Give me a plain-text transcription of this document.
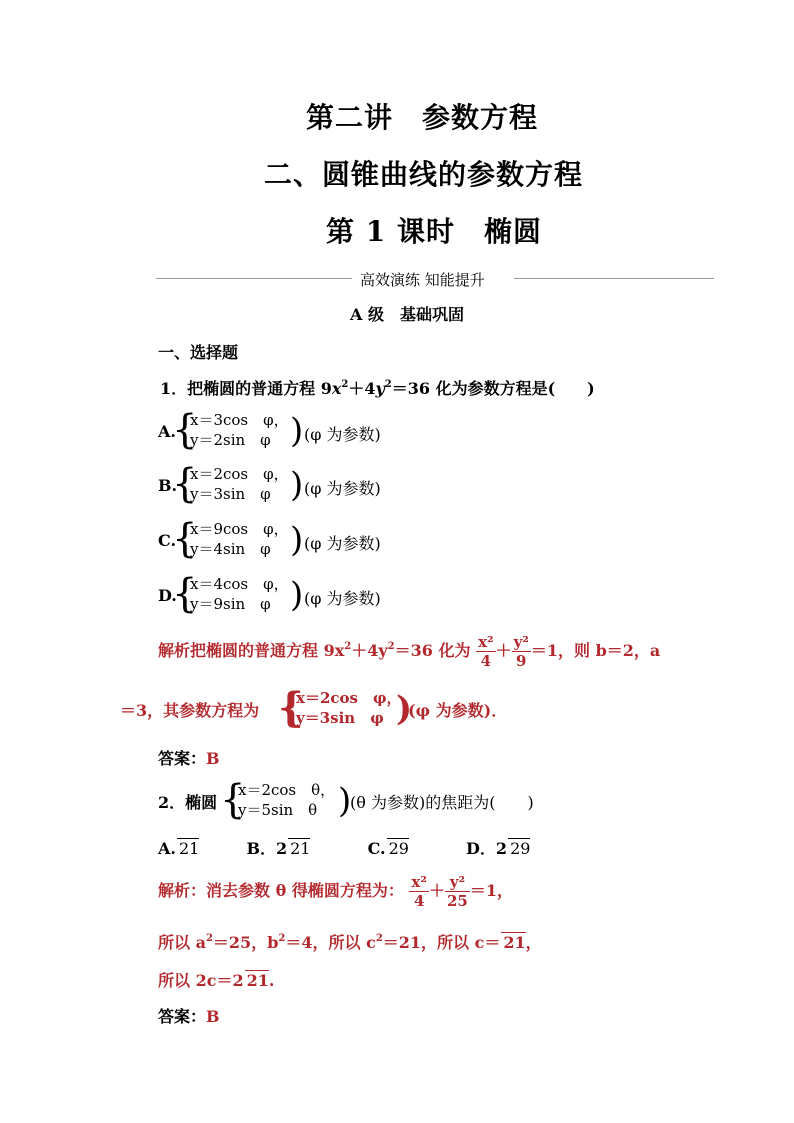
第二讲　参数方程
二、圆锥曲线的参数方程
第 1 课时　椭圆
高效演练 知能提升
A 级　基础巩固
一、选择题
1．把椭圆的普通方程 $9x^2+4y^2=36$ 化为参数方程是(　　)
A.
{
x＝3cos　φ，
y＝2sin　φ ) (φ 为参数)
B.
{
x＝2cos　φ，
y＝3sin　φ ) (φ 为参数)
C.
{
x＝9cos　φ，
y＝4sin　φ ) (φ 为参数)
D.
{
x＝4cos　φ，
y＝9sin　φ ) (φ 为参数)
解析把椭圆的普通方程 $9x^2+4y^2=36$ 化为 $\frac{\text{x²}}{4} + \frac{\text{y²}}{9} =1$，则 b＝2，a
＝3，其参数方程为 {
x＝2cos　φ，
y＝3sin　φ )
(φ 为参数)．
答案：B
2．椭圆 {
x＝2cos　θ，
y＝5sin　θ )
(θ 为参数)的焦距为(　　)
A. 21	B．2 21	C. 29	D．2 29
解析：消去参数 θ 得椭圆方程为： $\frac{\text{x²}}{4} + \frac{\text{y²}}{25} =1$，
所以 $a^2=25$，$b^2=4$，所以 $c^2=21$，所以 c＝ 21，
所以 2c＝2 21.
答案：B
